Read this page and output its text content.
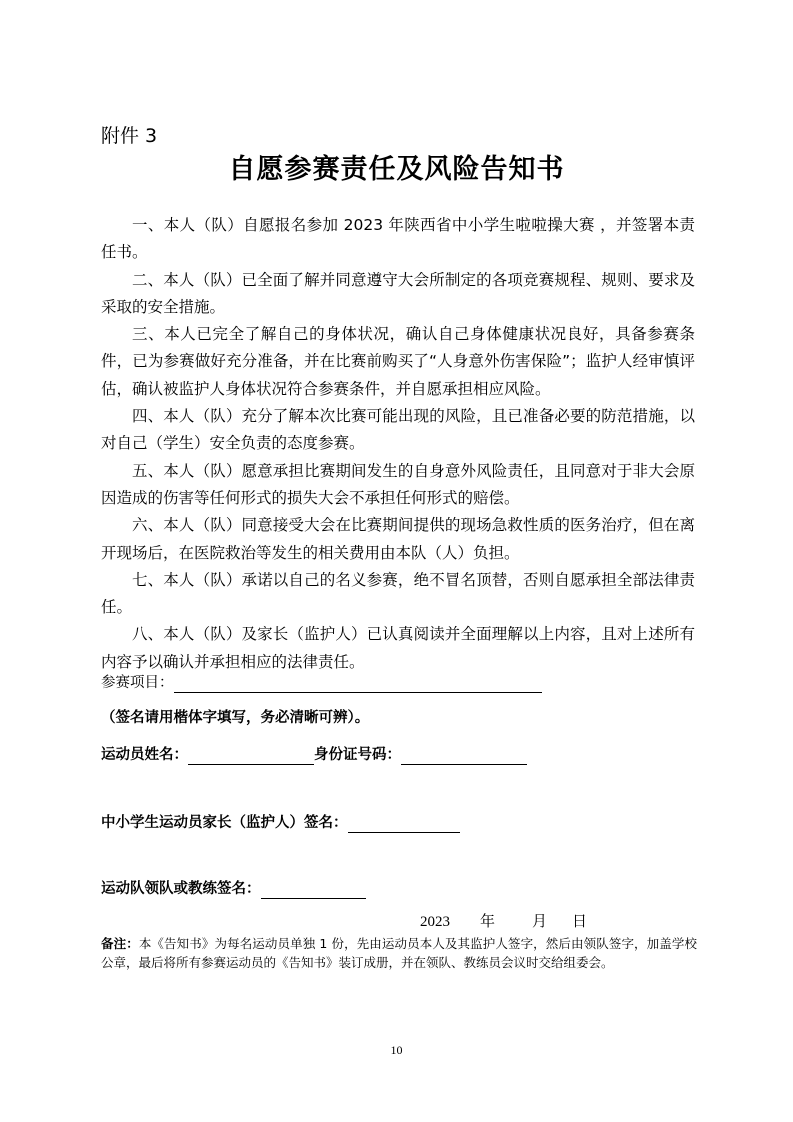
附件 3
自愿参赛责任及风险告知书

一、本人（队）自愿报名参加 2023 年陕西省中小学生啦啦操大赛 ，并签署本责任书。

二、本人（队）已全面了解并同意遵守大会所制定的各项竞赛规程、规则、要求及采取的安全措施。

三、本人已完全了解自己的身体状况，确认自己身体健康状况良好，具备参赛条件，已为参赛做好充分准备，并在比赛前购买了“人身意外伤害保险”；监护人经审慎评估，确认被监护人身体状况符合参赛条件，并自愿承担相应风险。

四、本人（队）充分了解本次比赛可能出现的风险，且已准备必要的防范措施，以对自己（学生）安全负责的态度参赛。

五、本人（队）愿意承担比赛期间发生的自身意外风险责任，且同意对于非大会原因造成的伤害等任何形式的损失大会不承担任何形式的赔偿。

六、本人（队）同意接受大会在比赛期间提供的现场急救性质的医务治疗，但在离开现场后，在医院救治等发生的相关费用由本队（人）负担。

七、本人（队）承诺以自己的名义参赛，绝不冒名顶替，否则自愿承担全部法律责任。

八、本人（队）及家长（监护人）已认真阅读并全面理解以上内容，且对上述所有内容予以确认并承担相应的法律责任。

参赛项目：
（签名请用楷体字填写，务必清晰可辨）。
运动员姓名：	身份证号码：
中小学生运动员家长（监护人）签名：
运动队领队或教练签名：
2023 年 月 日
备注：本《告知书》为每名运动员单独 1 份，先由运动员本人及其监护人签字，然后由领队签字，加盖学校公章，最后将所有参赛运动员的《告知书》装订成册，并在领队、教练员会议时交给组委会。
10
